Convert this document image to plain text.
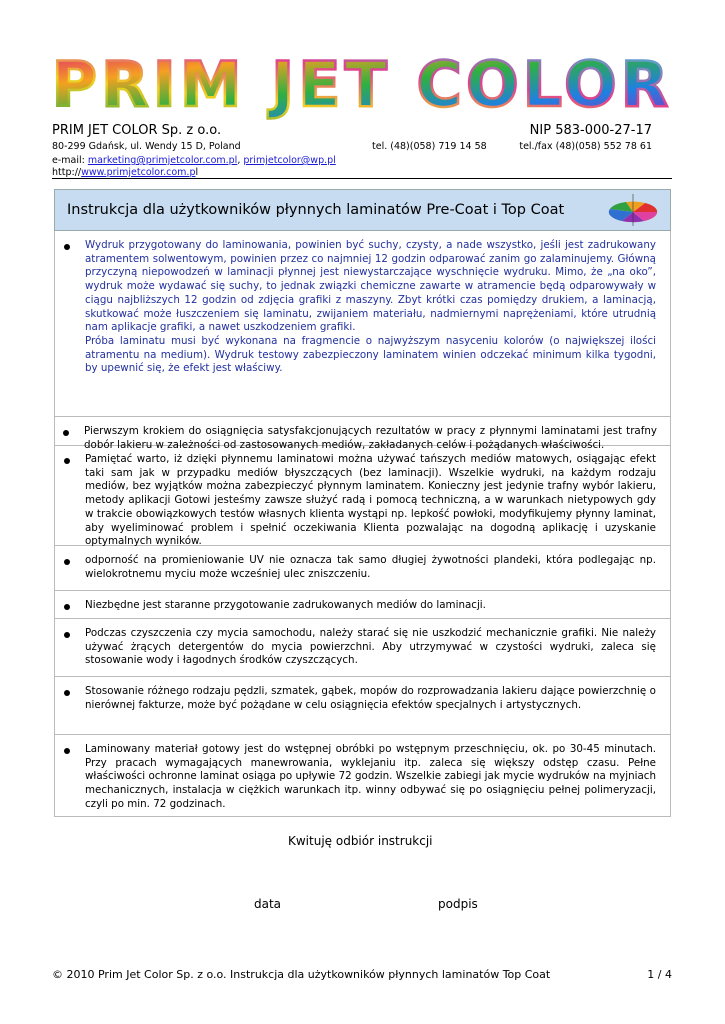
PRIM JET COLOR
PRIM JET COLOR Sp. z o.o.	NIP 583-000-27-17
80-299 Gdańsk, ul. Wendy 15 D, Poland	tel. (48)(058) 719 14 58	tel./fax (48)(058) 552 78 61
e-mail: marketing@primjetcolor.com.pl, primjetcolor@wp.pl
http://www.primjetcolor.com.pl
Instrukcja dla użytkowników płynnych laminatów Pre-Coat i Top Coat
Wydruk przygotowany do laminowania, powinien być suchy, czysty, a nade wszystko, jeśli jest zadrukowany atramentem solwentowym, powinien przez co najmniej 12 godzin odparować zanim go zalaminujemy. Główną przyczyną niepowodzeń w laminacji płynnej jest niewystarczające wyschnięcie wydruku. Mimo, że „na oko”, wydruk może wydawać się suchy, to jednak związki chemiczne zawarte w atramencie będą odparowywały w ciągu najbliższych 12 godzin od zdjęcia grafiki z maszyny. Zbyt krótki czas pomiędzy drukiem, a laminacją, skutkować może łuszczeniem się laminatu, zwijaniem materiału, nadmiernymi naprężeniami, które utrudnią nam aplikacje grafiki, a nawet uszkodzeniem grafiki.
Próba laminatu musi być wykonana na fragmencie o najwyższym nasyceniu kolorów (o największej ilości atramentu na medium). Wydruk testowy zabezpieczony laminatem winien odczekać minimum kilka tygodni, by upewnić się, że efekt jest właściwy.
Pierwszym krokiem do osiągnięcia satysfakcjonujących rezultatów w pracy z płynnymi laminatami jest trafny dobór lakieru w zależności od zastosowanych mediów, zakładanych celów i pożądanych właściwości.
Pamiętać warto, iż dzięki płynnemu laminatowi można używać tańszych mediów matowych, osiągając efekt taki sam jak w przypadku mediów błyszczących (bez laminacji). Wszelkie wydruki, na każdym rodzaju mediów, bez wyjątków można zabezpieczyć płynnym laminatem. Konieczny jest jedynie trafny wybór lakieru, metody aplikacji Gotowi jesteśmy zawsze służyć radą i pomocą techniczną, a w warunkach nietypowych gdy w trakcie obowiązkowych testów własnych klienta wystąpi np. lepkość powłoki, modyfikujemy płynny laminat, aby wyeliminować problem i spełnić oczekiwania Klienta pozwalając na dogodną aplikację i uzyskanie optymalnych wyników.
odporność na promieniowanie UV nie oznacza tak samo długiej żywotności plandeki, która podlegając np. wielokrotnemu myciu może wcześniej ulec zniszczeniu.
Niezbędne jest staranne przygotowanie zadrukowanych mediów do laminacji.
Podczas czyszczenia czy mycia samochodu, należy starać się nie uszkodzić mechanicznie grafiki. Nie należy używać żrących detergentów do mycia powierzchni. Aby utrzymywać w czystości wydruki, zaleca się stosowanie wody i łagodnych środków czyszczących.
Stosowanie różnego rodzaju pędzli, szmatek, gąbek, mopów do rozprowadzania lakieru dające powierzchnię o nierównej fakturze, może być pożądane w celu osiągnięcia efektów specjalnych i artystycznych.
Laminowany materiał gotowy jest do wstępnej obróbki po wstępnym przeschnięciu, ok. po 30-45 minutach. Przy pracach wymagających manewrowania, wyklejaniu itp. zaleca się większy odstęp czasu. Pełne właściwości ochronne laminat osiąga po upływie 72 godzin. Wszelkie zabiegi jak mycie wydruków na myjniach mechanicznych, instalacja w ciężkich warunkach itp. winny odbywać się po osiągnięciu pełnej polimeryzacji, czyli po min. 72 godzinach.
Kwituję odbiór instrukcji
data	podpis
© 2010 Prim Jet Color Sp. z o.o. Instrukcja dla użytkowników płynnych laminatów Top Coat	1 / 4
